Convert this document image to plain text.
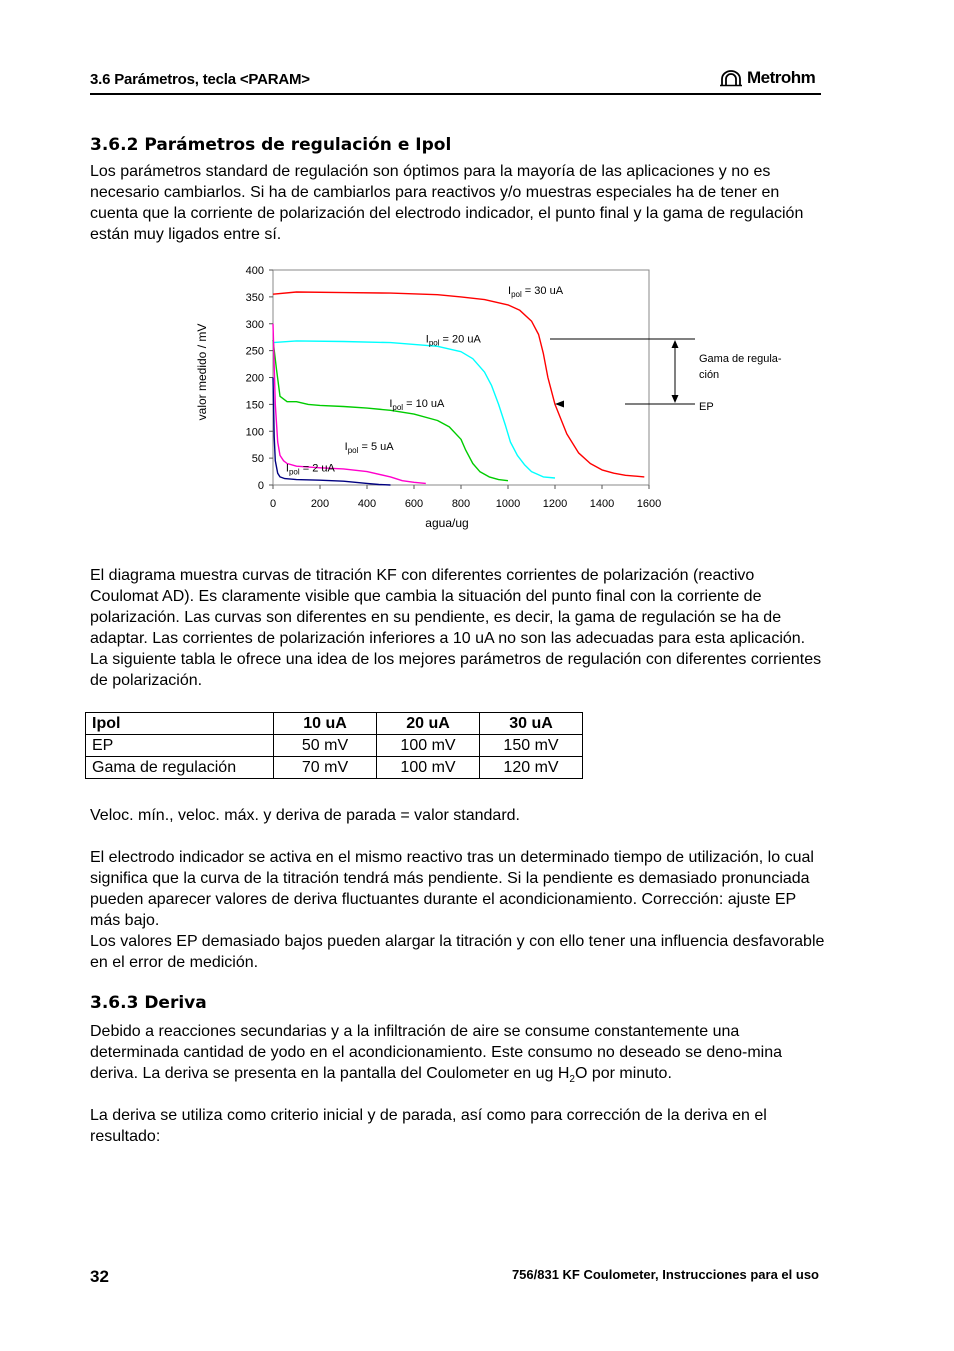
3.6 Parámetros, tecla <PARAM>	Metrohm
3.6.2 Parámetros de regulación e Ipol

Los parámetros standard de regulación son óptimos para la mayoría de las aplicaciones y no es necesario cambiarlos. Si ha de cambiarlos para reactivos y/o muestras especiales ha de tener en cuenta que la corriente de polarización del electrodo indicador, el punto final y la gama de regulación están muy ligados entre sí.

0
50
100
150
200
250
300
350
400
0	200	400	600	800 1000 1200 1400 1600
$I_{pol} = 30$ uA
$I_{pol} = 20$ uA
$I_{pol} = 10$ uA
$I_{pol} = 5$ uA
$I_{pol} = 2$ uA
agua/ug
valor medido / mV	Gama de regula-
ción
EP

El diagrama muestra curvas de titración KF con diferentes corrientes de polarización (reactivo Coulomat AD). Es claramente visible que cambia la situación del punto final con la corriente de polarización. Las curvas son diferentes en su pendiente, es decir, la gama de regulación se ha de adaptar. Las corrientes de polarización inferiores a 10 uA no son las adecuadas para esta aplicación. La siguiente tabla le ofrece una idea de los mejores parámetros de regulación con diferentes corrientes de polarización.

Ipol	10 uA	20 uA	30 uA
EP	50 mV	100 mV	150 mV
Gama de regulación	70 mV	100 mV	120 mV

Veloc. mín., veloc. máx. y deriva de parada = valor standard.

El electrodo indicador se activa en el mismo reactivo tras un determinado tiempo de utilización, lo cual significa que la curva de la titración tendrá más pendiente. Si la pendiente es demasiado pronunciada pueden aparecer valores de deriva fluctuantes durante el acondicionamiento. Corrección: ajuste EP más bajo.

Los valores EP demasiado bajos pueden alargar la titración y con ello tener una influencia desfavorable en el error de medición.

3.6.3 Deriva

Debido a reacciones secundarias y a la infiltración de aire se consume constantemente una determinada cantidad de yodo en el acondicionamiento. Este consumo no deseado se deno-mina deriva. La deriva se presenta en la pantalla del Coulometer en ug $H_2O$ por minuto.

La deriva se utiliza como criterio inicial y de parada, así como para corrección de la deriva en el resultado:

32	756/831 KF Coulometer, Instrucciones para el uso
